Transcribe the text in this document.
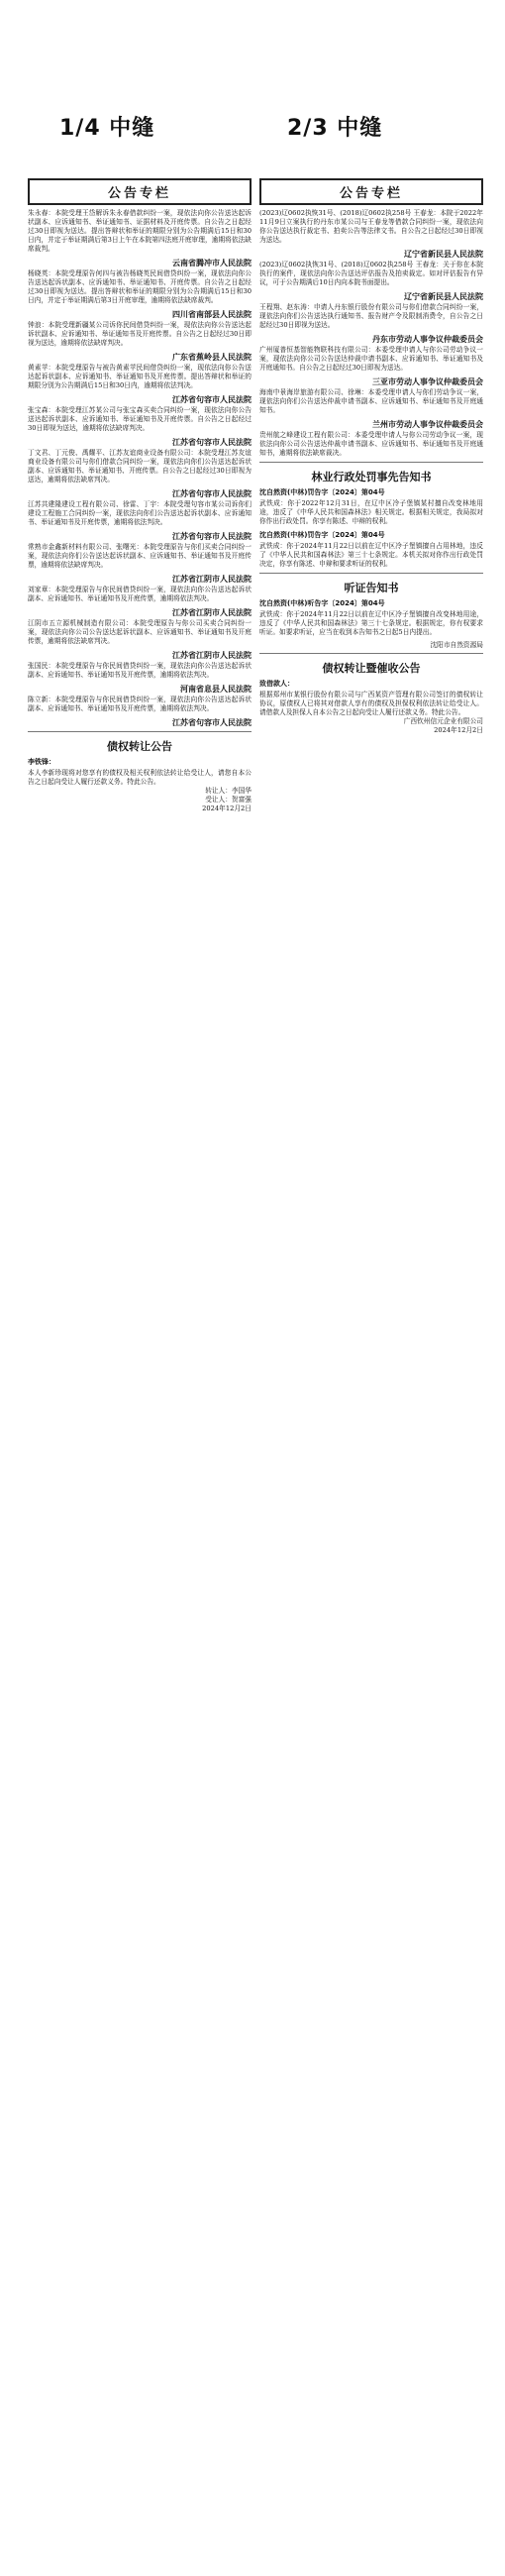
1/4 中缝	2/3 中缝
公告专栏
朱永春：本院受理王岱解诉朱永春借款纠纷一案，现依法向你公告送达起诉状副本、应诉通知书、举证通知书、证据材料及开庭传票。自公告之日起经过30日即视为送达。提出答辩状和举证的期限分别为公告期满后15日和30日内，并定于举证期满后第3日上午在本院第四法庭开庭审理，逾期将依法缺席裁判。
云南省腾冲市人民法院
杨晓英：本院受理原告何四与被告杨晓英民间借贷纠纷一案，现依法向你公告送达起诉状副本、应诉通知书、举证通知书、开庭传票。自公告之日起经过30日即视为送达。提出答辩状和举证的期限分别为公告期满后15日和30日内，并定于举证期满后第3日开庭审理，逾期将依法缺席裁判。
四川省南部县人民法院
钟浪：本院受理新疆某公司诉你民间借贷纠纷一案，现依法向你公告送达起诉状副本、应诉通知书、举证通知书及开庭传票。自公告之日起经过30日即视为送达，逾期将依法缺席判决。
广东省蕉岭县人民法院
黄素苹：本院受理原告与被告黄素苹民间借贷纠纷一案，现依法向你公告送达起诉状副本、应诉通知书、举证通知书及开庭传票。提出答辩状和举证的期限分别为公告期满后15日和30日内，逾期将依法判决。
江苏省句容市人民法院
张宝森：本院受理江苏某公司与张宝森买卖合同纠纷一案，现依法向你公告送达起诉状副本、应诉通知书、举证通知书及开庭传票。自公告之日起经过30日即视为送达，逾期将依法缺席判决。
江苏省句容市人民法院
丁文君、丁元俊、禹耀平、江苏友谊商业设备有限公司：本院受理江苏友谊商业设备有限公司与你们借款合同纠纷一案，现依法向你们公告送达起诉状副本、应诉通知书、举证通知书、开庭传票。自公告之日起经过30日即视为送达，逾期将依法缺席判决。
江苏省句容市人民法院
江苏共建隆建设工程有限公司、徐雷、丁宇：本院受理句容市某公司诉你们建设工程施工合同纠纷一案，现依法向你们公告送达起诉状副本、应诉通知书、举证通知书及开庭传票，逾期将依法判决。
江苏省句容市人民法院
常熟市金鑫新材料有限公司、张曙光：本院受理原告与你们买卖合同纠纷一案，现依法向你们公告送达起诉状副本、应诉通知书、举证通知书及开庭传票，逾期将依法缺席判决。
江苏省江阴市人民法院
刘家章：本院受理原告与你民间借贷纠纷一案，现依法向你公告送达起诉状副本、应诉通知书、举证通知书及开庭传票，逾期将依法判决。
江苏省江阴市人民法院
江阴市五立源机械制造有限公司：本院受理原告与你公司买卖合同纠纷一案，现依法向你公司公告送达起诉状副本、应诉通知书、举证通知书及开庭传票，逾期将依法缺席判决。
江苏省江阴市人民法院
张国民：本院受理原告与你民间借贷纠纷一案，现依法向你公告送达起诉状副本、应诉通知书、举证通知书及开庭传票，逾期将依法判决。
河南省息县人民法院
陈立新：本院受理原告与你民间借贷纠纷一案，现依法向你公告送达起诉状副本、应诉通知书、举证通知书及开庭传票，逾期将依法判决。
江苏省句容市人民法院
债权转让公告
李铁锋：
本人李新珍现将对您享有的债权及相关权利依法转让给受让人，请您自本公告之日起向受让人履行还款义务。特此公告。
转让人：李国华
受让人：贺富强
2024年12月2日
公告专栏
(2023)辽0602执恢31号、(2018)辽0602执258号 王春龙：本院于2022年11月9日立案执行的丹东市某公司与王春龙等借款合同纠纷一案，现依法向你公告送达执行裁定书、拍卖公告等法律文书。自公告之日起经过30日即视为送达。
辽宁省新民县人民法院
(2023)辽0602执恢31号、(2018)辽0602执258号 王春龙：关于你在本院执行的案件，现依法向你公告送达评估报告及拍卖裁定。如对评估报告有异议，可于公告期满后10日内向本院书面提出。
辽宁省新民县人民法院
王程翔、赵东涛：申请人丹东银行股份有限公司与你们借款合同纠纷一案，现依法向你们公告送达执行通知书、报告财产令及限制消费令，自公告之日起经过30日即视为送达。
丹东市劳动人事争议仲裁委员会
广州厦普恒基智能物联科技有限公司：本委受理申请人与你公司劳动争议一案，现依法向你公司公告送达仲裁申请书副本、应诉通知书、举证通知书及开庭通知书。自公告之日起经过30日即视为送达。
三亚市劳动人事争议仲裁委员会
海南中景海岸旅游有限公司、徐琳：本委受理申请人与你们劳动争议一案，现依法向你们公告送达仲裁申请书副本、应诉通知书、举证通知书及开庭通知书。
兰州市劳动人事争议仲裁委员会
贵州航之峰建设工程有限公司：本委受理申请人与你公司劳动争议一案，现依法向你公司公告送达仲裁申请书副本、应诉通知书、举证通知书及开庭通知书，逾期将依法缺席裁决。
林业行政处罚事先告知书
沈自然资(中林)罚告字〔2024〕第04号
武铁成：你于2022年12月31日，在辽中区冷子堡镇某村擅自改变林地用途，违反了《中华人民共和国森林法》相关规定。根据相关规定，我局拟对你作出行政处罚。你享有陈述、申辩的权利。
沈自然资(中林)罚告字〔2024〕第04号
武铁成：你于2024年11月22日以前在辽中区冷子堡镇擅自占用林地，违反了《中华人民共和国森林法》第三十七条规定。本机关拟对你作出行政处罚决定，你享有陈述、申辩和要求听证的权利。
听证告知书
沈自然资(中林)听告字〔2024〕第04号
武铁成：你于2024年11月22日以前在辽中区冷子堡镇擅自改变林地用途，违反了《中华人民共和国森林法》第三十七条规定。根据规定，你有权要求听证。如要求听证，应当在收到本告知书之日起5日内提出。
沈阳市自然资源局
债权转让暨催收公告
致借款人：
根据郑州市某银行股份有限公司与广西某资产管理有限公司签订的债权转让协议，原债权人已将其对借款人享有的债权及担保权利依法转让给受让人。请借款人及担保人自本公告之日起向受让人履行还款义务。特此公告。
广西钦州信元企业有限公司
2024年12月2日
